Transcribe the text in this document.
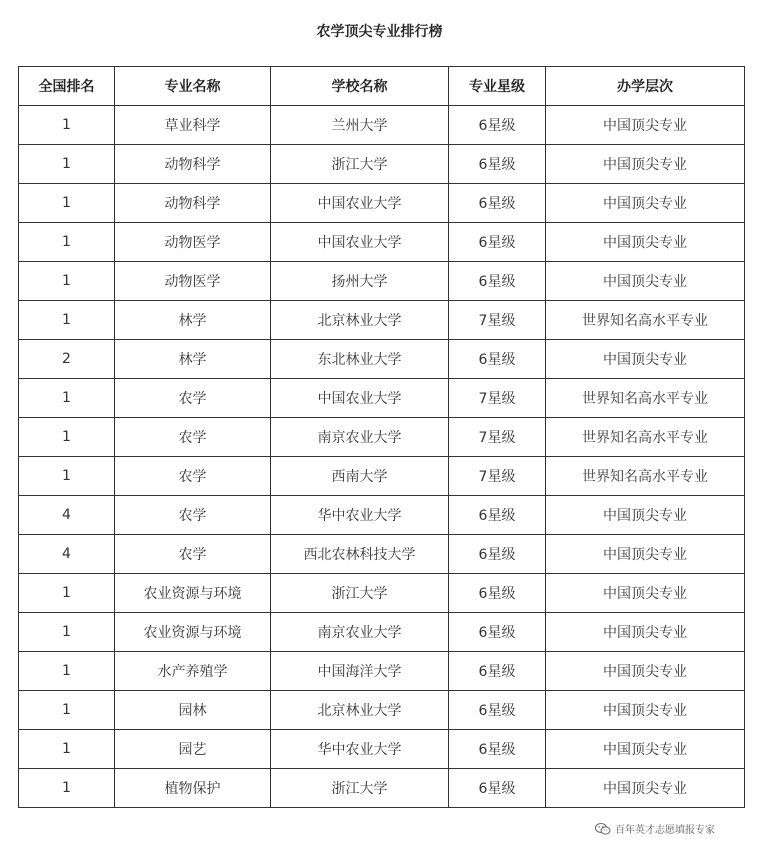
农学顶尖专业排行榜
全国排名	专业名称	学校名称	专业星级	办学层次
1	草业科学	兰州大学	6星级	中国顶尖专业
1	动物科学	浙江大学	6星级	中国顶尖专业
1	动物科学	中国农业大学	6星级	中国顶尖专业
1	动物医学	中国农业大学	6星级	中国顶尖专业
1	动物医学	扬州大学	6星级	中国顶尖专业
1	林学	北京林业大学	7星级	世界知名高水平专业
2	林学	东北林业大学	6星级	中国顶尖专业
1	农学	中国农业大学	7星级	世界知名高水平专业
1	农学	南京农业大学	7星级	世界知名高水平专业
1	农学	西南大学	7星级	世界知名高水平专业
4	农学	华中农业大学	6星级	中国顶尖专业
4	农学	西北农林科技大学	6星级	中国顶尖专业
1	农业资源与环境	浙江大学	6星级	中国顶尖专业
1	农业资源与环境	南京农业大学	6星级	中国顶尖专业
1	水产养殖学	中国海洋大学	6星级	中国顶尖专业
1	园林	北京林业大学	6星级	中国顶尖专业
1	园艺	华中农业大学	6星级	中国顶尖专业
1	植物保护	浙江大学	6星级	中国顶尖专业
百年英才志愿填报专家
